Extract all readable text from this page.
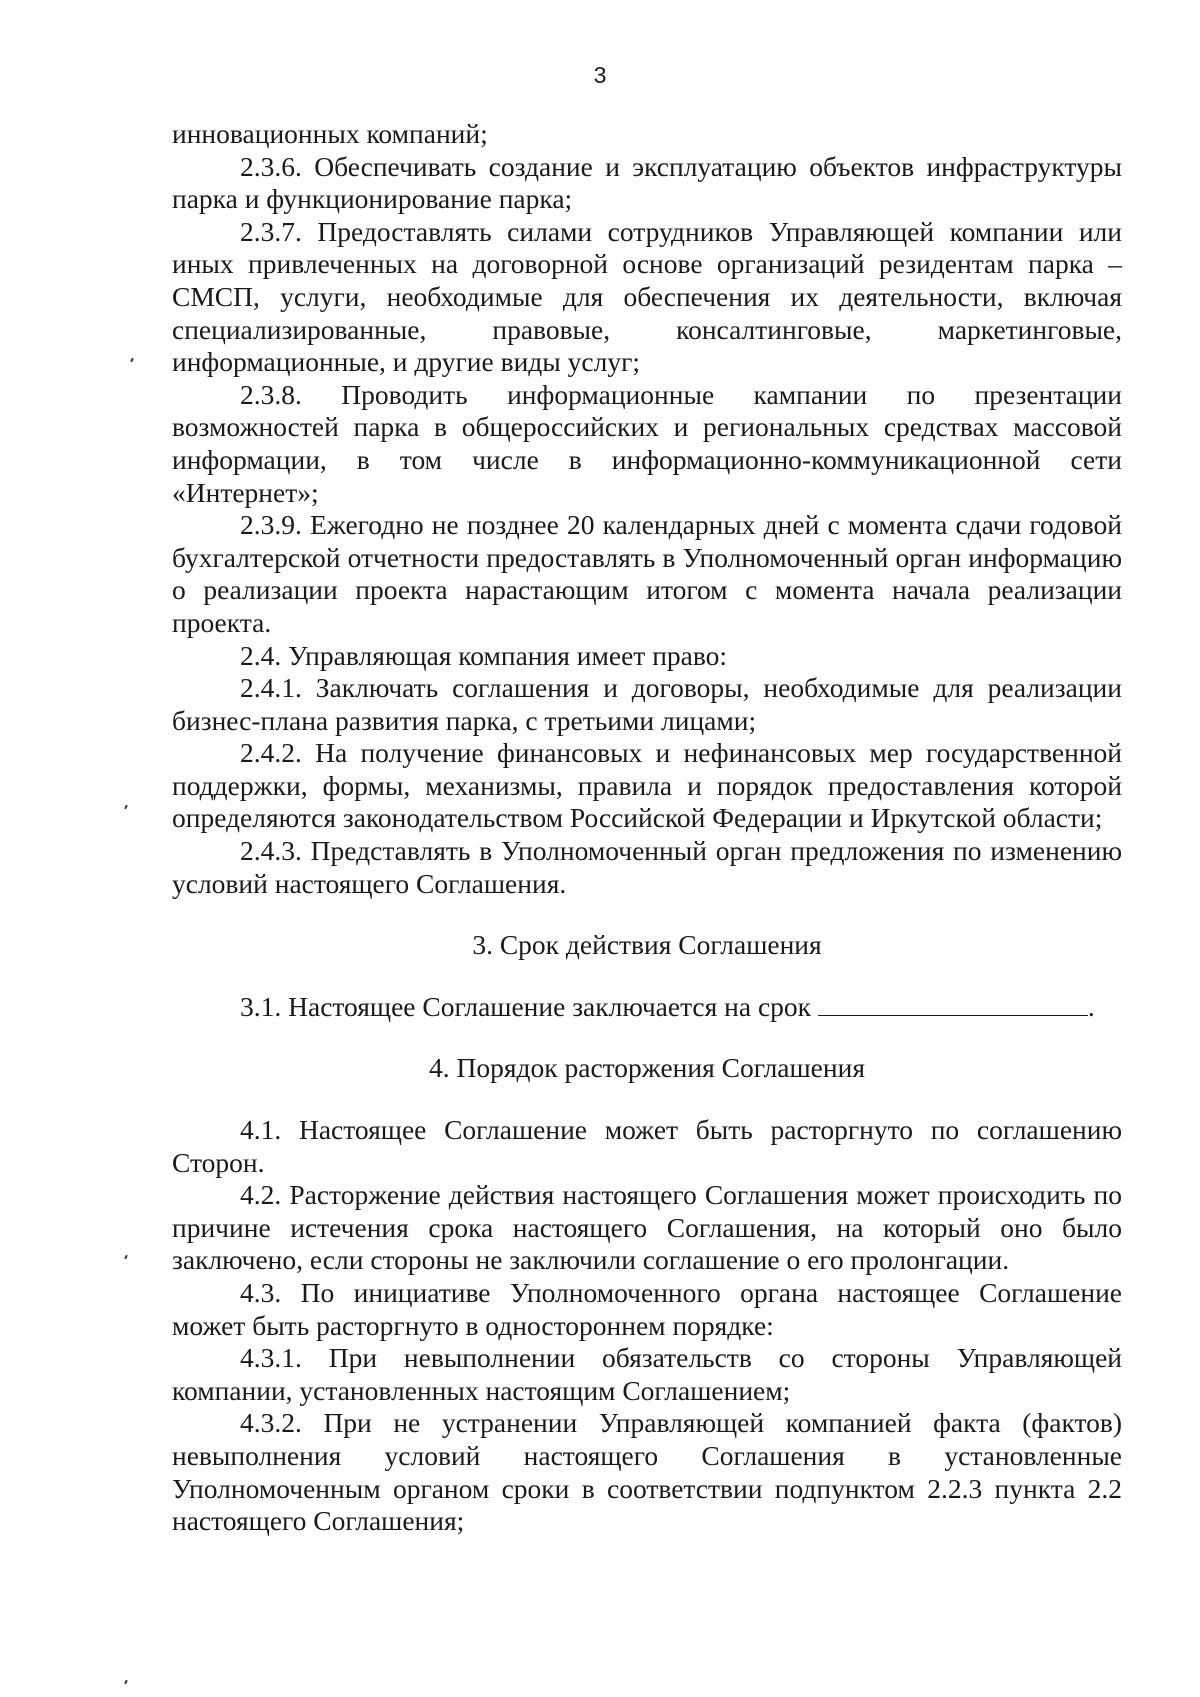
3

инновационных компаний;

2.3.6. Обеспечивать создание и эксплуатацию объектов инфраструктуры парка и функционирование парка;

2.3.7. Предоставлять силами сотрудников Управляющей компании или иных привлеченных на договорной основе организаций резидентам парка – СМСП, услуги, необходимые для обеспечения их деятельности, включая специализированные, правовые, консалтинговые, маркетинговые, информационные, и другие виды услуг;

2.3.8. Проводить информационные кампании по презентации возможностей парка в общероссийских и региональных средствах массовой информации, в том числе в информационно-коммуникационной сети «Интернет»;

2.3.9. Ежегодно не позднее 20 календарных дней с момента сдачи годовой бухгалтерской отчетности предоставлять в Уполномоченный орган информацию о реализации проекта нарастающим итогом с момента начала реализации проекта.

2.4. Управляющая компания имеет право:

2.4.1. Заключать соглашения и договоры, необходимые для реализации бизнес-плана развития парка, с третьими лицами;

2.4.2. На получение финансовых и нефинансовых мер государственной поддержки, формы, механизмы, правила и порядок предоставления которой определяются законодательством Российской Федерации и Иркутской области;

2.4.3. Представлять в Уполномоченный орган предложения по изменению условий настоящего Соглашения.

3. Срок действия Соглашения

3.1. Настоящее Соглашение заключается на срок	.

4. Порядок расторжения Соглашения

4.1. Настоящее Соглашение может быть расторгнуто по соглашению Сторон.

4.2. Расторжение действия настоящего Соглашения может происходить по причине истечения срока настоящего Соглашения, на который оно было заключено, если стороны не заключили соглашение о его пролонгации.

4.3. По инициативе Уполномоченного органа настоящее Соглашение может быть расторгнуто в одностороннем порядке:

4.3.1. При невыполнении обязательств со стороны Управляющей компании, установленных настоящим Соглашением;

4.3.2. При не устранении Управляющей компанией факта (фактов) невыполнения условий настоящего Соглашения в установленные Уполномоченным органом сроки в соответствии подпунктом 2.2.3 пункта 2.2 настоящего Соглашения;
